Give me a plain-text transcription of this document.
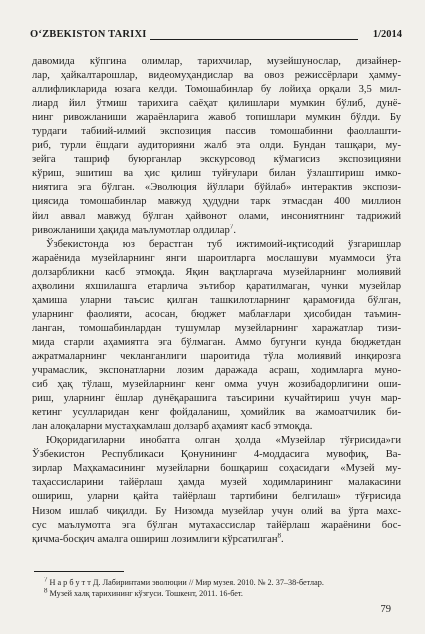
O‘ZBEKISTON TARIXI	1/2014
давомида кўпгина олимлар, тарихчилар, музейшунослар, дизайнер-
лар, ҳайкалтарошлар, видеомуҳандислар ва овоз режиссёрлари ҳамму-
аллифликларида юзага келди. Томошабинлар бу лойиҳа орқали 3,5 мил-
лиард йил ўтмиш тарихига саёҳат қилишлари мумкин бўлиб, дунё-
нинг ривожланиши жараёнларига жавоб топишлари мумкин бўлди. Бу
турдаги табиий-илмий экспозиция пассив томошабинни фаоллашти-
риб, турли ёшдаги аудиторияни жалб эта олди. Бундан ташқари, му-
зейга ташриф буюрганлар экскурсовод кўмагисиз экспозицияни
кўриш, эшитиш ва ҳис қилиш туйғулари билан ўзлаштириш имко-
ниятига эга бўлган. «Эволюция йўллари бўйлаб» интерактив экспози-
циясида томошабинлар мавжуд ҳудудни тарк этмасдан 400 миллион
йил аввал мавжуд бўлган ҳайвонот олами, инсониятнинг тадрижий
ривожланиши ҳақида маълумотлар олдилар$^7$.
Ўзбекистонда юз берастган туб ижтимоий-иқтисодий ўзгаришлар
жараёнида музейларнинг янги шароитларга мослашуви муаммоси ўта
долзарбликни касб этмоқда. Яқин вақтларгача музейларнинг молиявий
аҳволини яхшилашга етарлича эътибор қаратилмаган, чунки музейлар
ҳамиша уларни таъсис қилган ташкилотларнинг қарамоғида бўлган,
уларнинг фаолияти, асосан, бюджет маблағлари ҳисобидан таъмин-
ланган, томошабинлардан тушумлар музейларнинг харажатлар тизи-
мида старли аҳамиятга эга бўлмаган. Аммо бугунги кунда бюджетдан
ажратмаларнинг чекланганлиги шароитида тўла молиявий инқирозга
учрамаслик, экспонатларни лозим даражада асраш, ходимларга муно-
сиб ҳақ тўлаш, музейларнинг кенг омма учун жозибадорлигини оши-
риш, уларнинг ёшлар дунёқарашига таъсирини кучайтириш учун мар-
кетинг усулларидан кенг фойдаланиш, ҳомийлик ва жамоатчилик би-
лан алоқаларни мустаҳкамлаш долзарб аҳамият касб этмоқда.
Юқоридагиларни инобатга олган ҳолда «Музейлар тўғрисида»ги
Ўзбекистон Республикаси Қонунининг 4-моддасига мувофиқ, Ва-
зирлар Маҳкамасининг музейларни бошқариш соҳасидаги «Музей му-
таҳассисларини тайёрлаш ҳамда музей ходимларининг малакасини
ошириш, уларни қайта тайёрлаш тартибини белгилаш» тўғрисида
Низом ишлаб чиқилди. Бу Низомда музейлар учун олий ва ўрта махс-
сус маълумотга эга бўлган мутахассислар тайёрлаш жараёнини бос-
қичма-босқич амалга ошириш лозимлиги кўрсатилган$^8$.
$^7$ Н а р б у т т Д. Лабиринтами эволюции // Мир музея. 2010. № 2. 37–38-бетлар.
$^8$ Музей халқ тарихининг кўзгуси. Тошкент, 2011. 16-бет.
79
